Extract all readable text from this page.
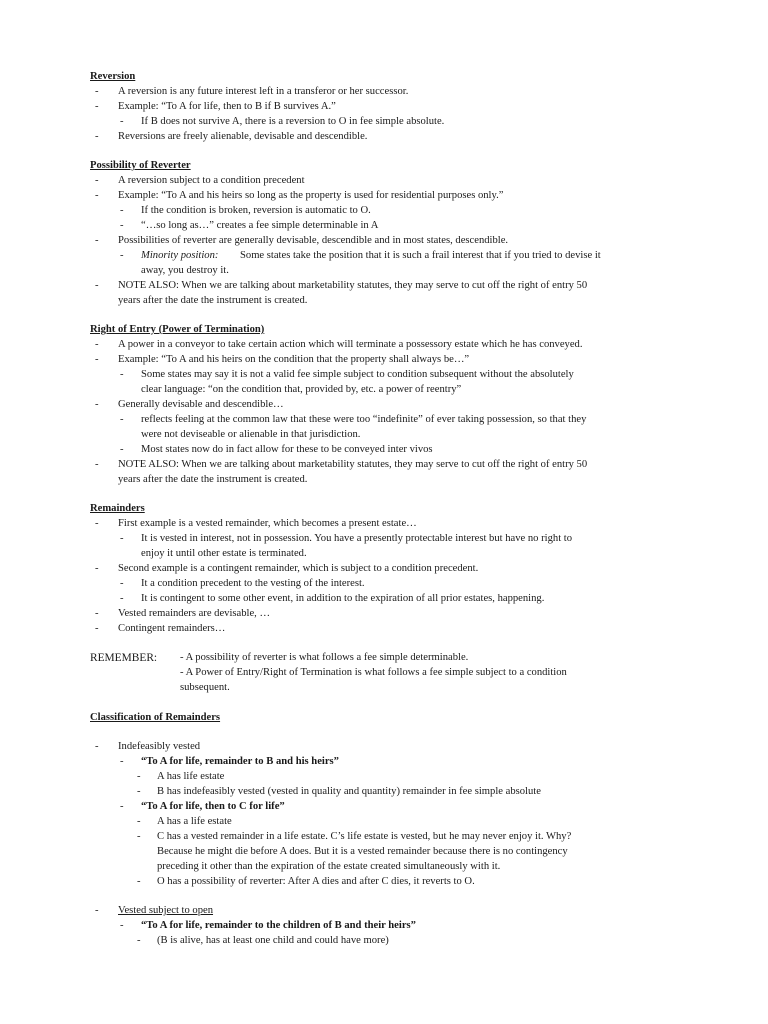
Reversion
- A reversion is any future interest left in a transferor or her successor.
- Example: “To A for life, then to B if B survives A.”
- If B does not survive A, there is a reversion to O in fee simple absolute.
- Reversions are freely alienable, devisable and descendible.
Possibility of Reverter
- A reversion subject to a condition precedent
- Example: “To A and his heirs so long as the property is used for residential purposes only.”
- If the condition is broken, reversion is automatic to O.
- “…so long as…” creates a fee simple determinable in A
- Possibilities of reverter are generally devisable, descendible and in most states, descendible.
- Minority position: Some states take the position that it is such a frail interest that if you tried to devise it
away, you destroy it.
- NOTE ALSO: When we are talking about marketability statutes, they may serve to cut off the right of entry 50
years after the date the instrument is created.
Right of Entry (Power of Termination)
- A power in a conveyor to take certain action which will terminate a possessory estate which he has conveyed.
- Example: “To A and his heirs on the condition that the property shall always be…”
- Some states may say it is not a valid fee simple subject to condition subsequent without the absolutely
clear language: “on the condition that, provided by, etc. a power of reentry”
- Generally devisable and descendible…
- reflects feeling at the common law that these were too “indefinite” of ever taking possession, so that they
were not deviseable or alienable in that jurisdiction.
- Most states now do in fact allow for these to be conveyed inter vivos
- NOTE ALSO: When we are talking about marketability statutes, they may serve to cut off the right of entry 50
years after the date the instrument is created.
Remainders
- First example is a vested remainder, which becomes a present estate…
- It is vested in interest, not in possession. You have a presently protectable interest but have no right to
enjoy it until other estate is terminated.
- Second example is a contingent remainder, which is subject to a condition precedent.
- It a condition precedent to the vesting of the interest.
- It is contingent to some other event, in addition to the expiration of all prior estates, happening.
- Vested remainders are devisable, …
- Contingent remainders…
REMEMBER: - A possibility of reverter is what follows a fee simple determinable.
- A Power of Entry/Right of Termination is what follows a fee simple subject to a condition
subsequent.
Classification of Remainders
- Indefeasibly vested
- “To A for life, remainder to B and his heirs”
- A has life estate
- B has indefeasibly vested (vested in quality and quantity) remainder in fee simple absolute
- “To A for life, then to C for life”
- A has a life estate
- C has a vested remainder in a life estate. C’s life estate is vested, but he may never enjoy it. Why?
Because he might die before A does. But it is a vested remainder because there is no contingency
preceding it other than the expiration of the estate created simultaneously with it.
- O has a possibility of reverter: After A dies and after C dies, it reverts to O.
- Vested subject to open
- “To A for life, remainder to the children of B and their heirs”
- (B is alive, has at least one child and could have more)
